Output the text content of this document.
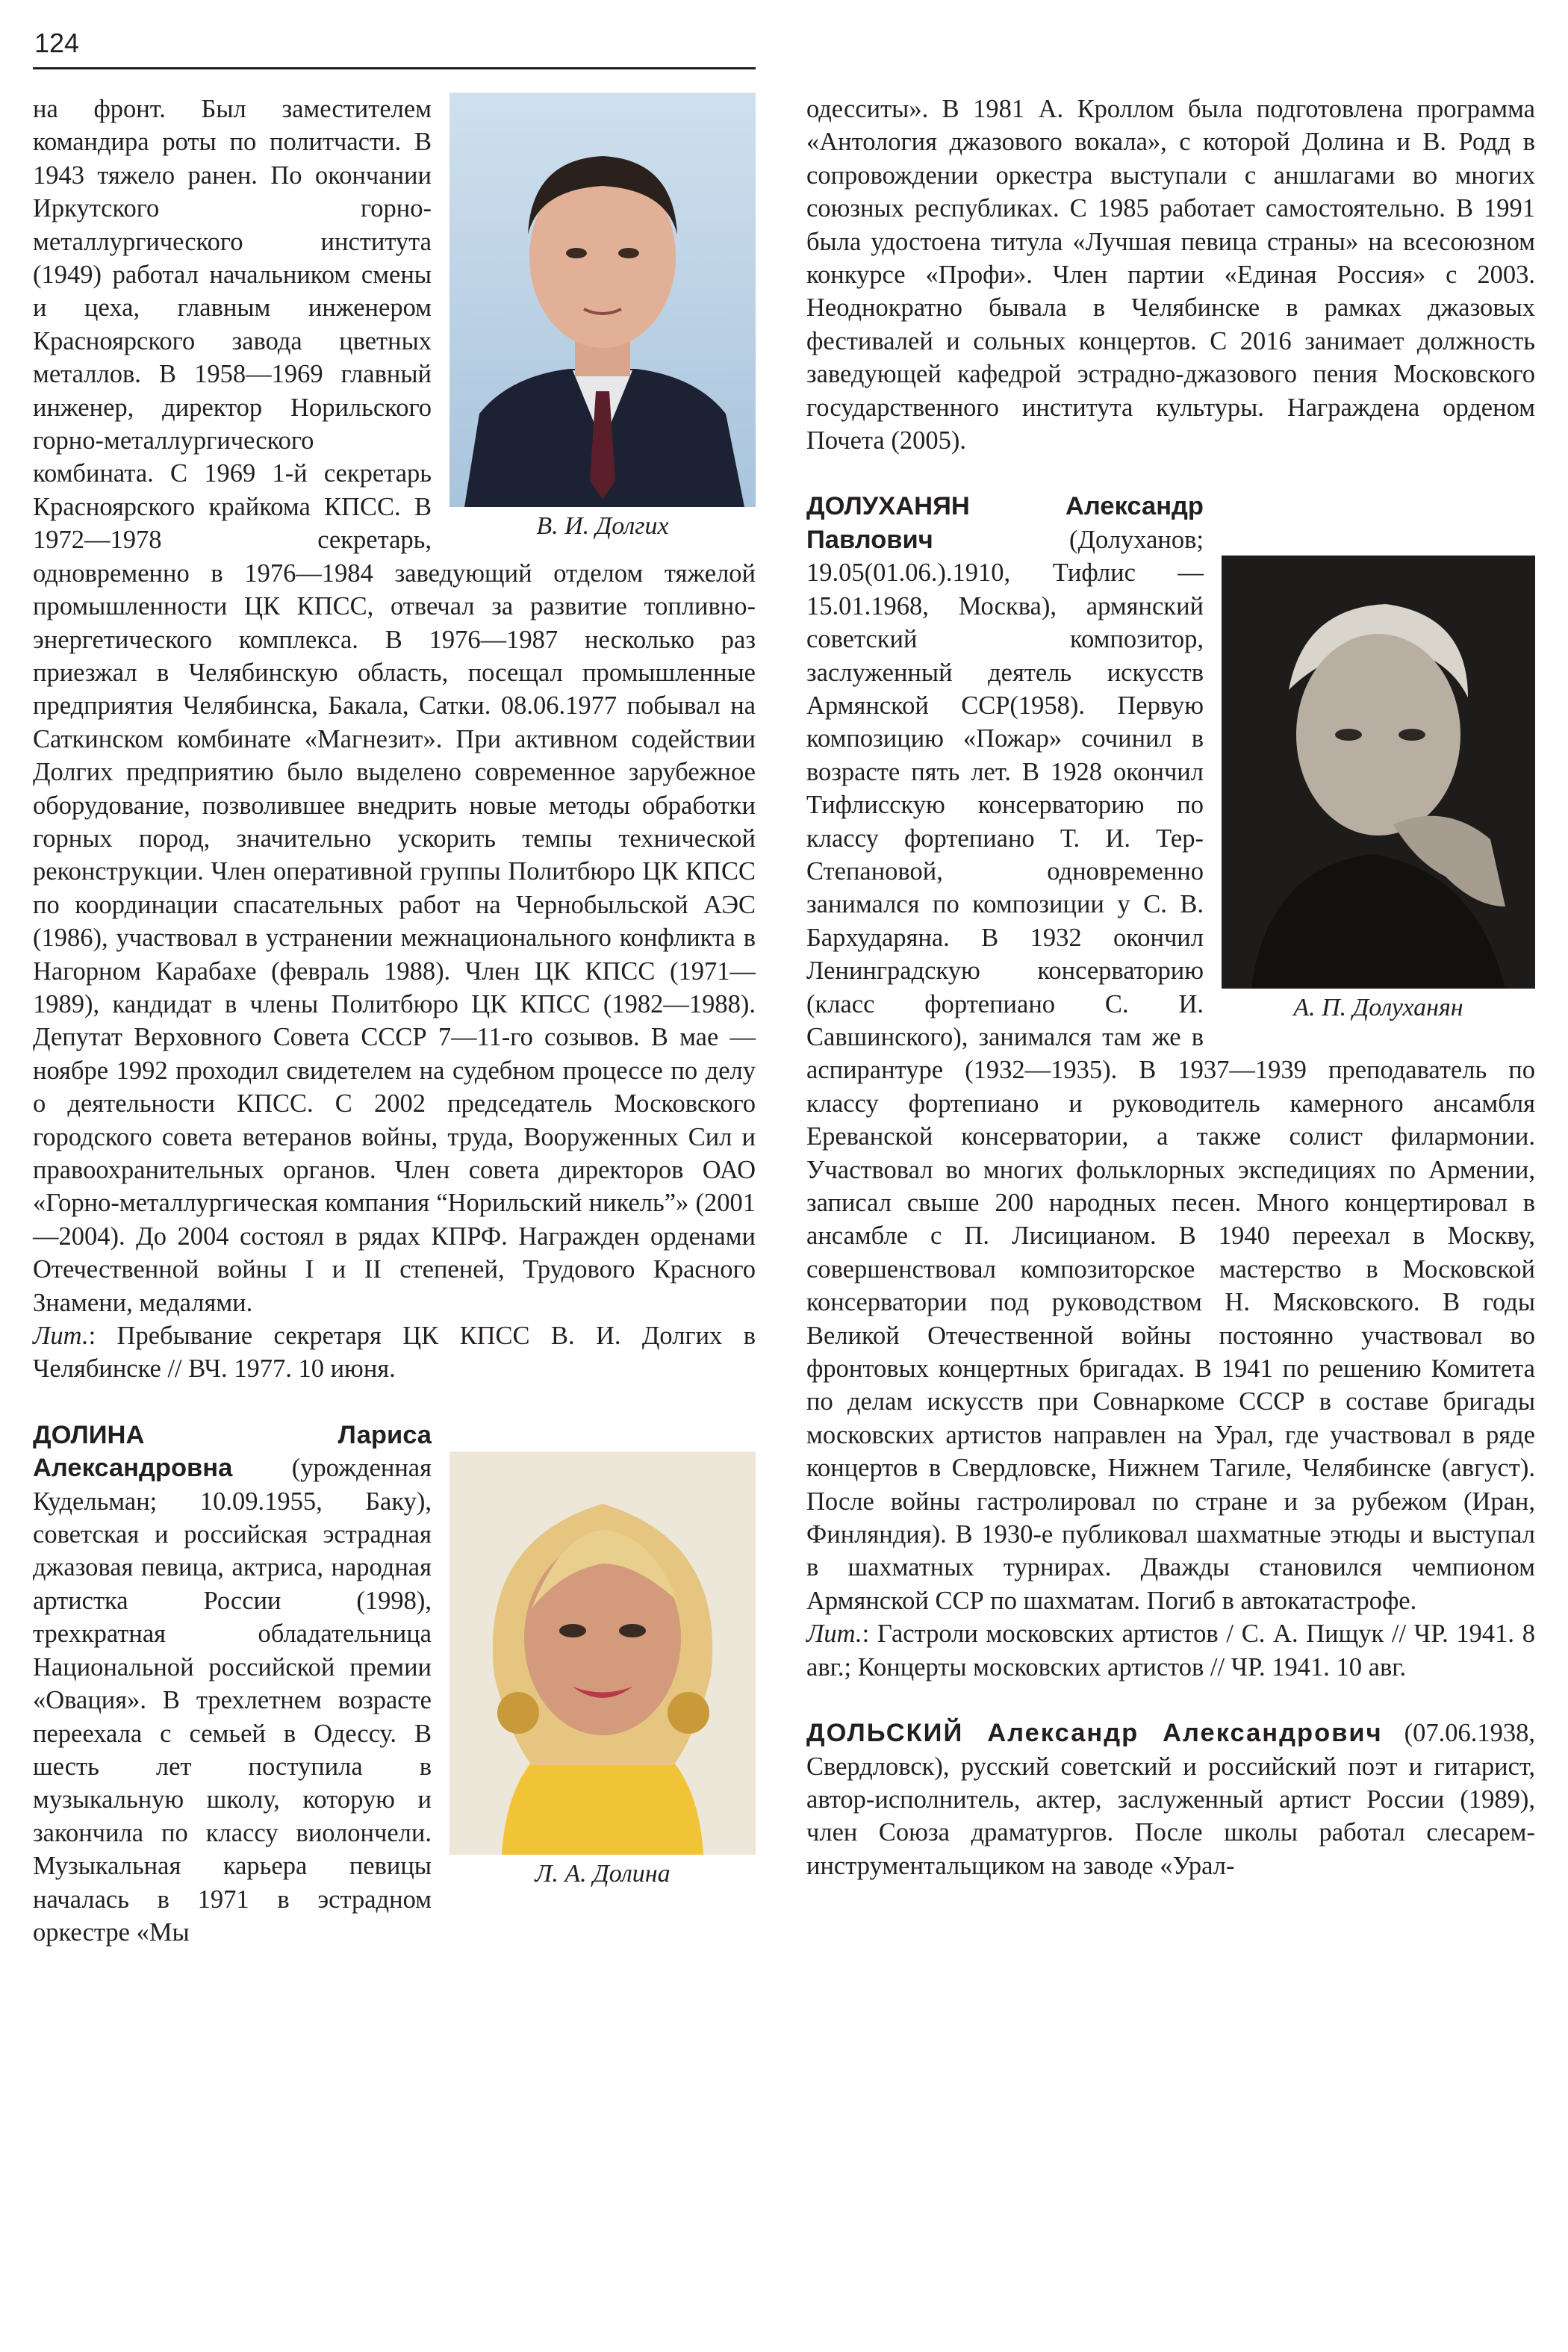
124
В. И. Долгих

на фронт. Был заместителем командира роты по политчасти. В 1943 тяжело ранен. По окончании Иркутского горно-металлургического института (1949) работал начальником смены и цеха, главным инженером Красноярского завода цветных металлов. В 1958—1969 главный инженер, директор Норильского горно-металлургического комбината. С 1969 1-й секретарь Красноярского крайкома КПСС. В 1972—1978 секретарь, одновременно в 1976—1984 заведующий отделом тяжелой промышленности ЦК КПСС, отвечал за развитие топливно-энергетического комплекса. В 1976—1987 несколько раз приезжал в Челябинскую область, посещал промышленные предприятия Челябинска, Бакала, Сатки. 08.06.1977 побывал на Саткинском комбинате «Магнезит». При активном содействии Долгих предприятию было выделено современное зарубежное оборудование, позволившее внедрить новые методы обработки горных пород, значительно ускорить темпы технической реконструкции. Член оперативной группы Политбюро ЦК КПСС по координации спасательных работ на Чернобыльской АЭС (1986), участвовал в устранении межнационального конфликта в Нагорном Карабахе (февраль 1988). Член ЦК КПСС (1971—1989), кандидат в члены Политбюро ЦК КПСС (1982—1988). Депутат Верховного Совета СССР 7—11-го созывов. В мае — ноябре 1992 проходил свидетелем на судебном процессе по делу о деятельности КПСС. С 2002 председатель Московского городского совета ветеранов войны, труда, Вооруженных Сил и правоохранительных органов. Член совета директоров ОАО «Горно-металлургическая компания “Норильский никель”» (2001—2004). До 2004 состоял в рядах КПРФ. Награжден орденами Отечественной войны I и II степеней, Трудового Красного Знамени, медалями.

Лит.: Пребывание секретаря ЦК КПСС В. И. Долгих в Челябинске // ВЧ. 1977. 10 июня.

Л. А. Долина

ДОЛИНА Лариса Александровна (урожденная Кудельман; 10.09.1955, Баку), советская и российская эстрадная джазовая певица, актриса, народная артистка России (1998), трехкратная обладательница Национальной российской премии «Овация». В трехлетнем возрасте переехала с семьей в Одессу. В шесть лет поступила в музыкальную школу, которую и закончила по классу виолончели. Музыкальная карьера певицы началась в 1971 в эстрадном оркестре «Мы

одесситы». В 1981 А. Кроллом была подготовлена программа «Антология джазового вокала», с которой Долина и В. Родд в сопровождении оркестра выступали с аншлагами во многих союзных республиках. С 1985 работает самостоятельно. В 1991 была удостоена титула «Лучшая певица страны» на всесоюзном конкурсе «Профи». Член партии «Единая Россия» с 2003. Неоднократно бывала в Челябинске в рамках джазовых фестивалей и сольных концертов. С 2016 занимает должность заведующей кафедрой эстрадно-джазового пения Московского государственного института культуры. Награждена орденом Почета (2005).

А. П. Долуханян

ДОЛУХАНЯН Александр Павлович (Долуханов; 19.05(01.06.).1910, Тифлис — 15.01.1968, Москва), армянский советский композитор, заслуженный деятель искусств Армянской ССР(1958). Первую композицию «Пожар» сочинил в возрасте пять лет. В 1928 окончил Тифлисскую консерваторию по классу фортепиано Т. И. Тер-Степановой, одновременно занимался по композиции у С. В. Бархударяна. В 1932 окончил Ленинградскую консерваторию (класс фортепиано С. И. Савшинского), занимался там же в аспирантуре (1932—1935). В 1937—1939 преподаватель по классу фортепиано и руководитель камерного ансамбля Ереванской консерватории, а также солист филармонии. Участвовал во многих фольклорных экспедициях по Армении, записал свыше 200 народных песен. Много концертировал в ансамбле с П. Лисицианом. В 1940 переехал в Москву, совершенствовал композиторское мастерство в Московской консерватории под руководством Н. Мясковского. В годы Великой Отечественной войны постоянно участвовал во фронтовых концертных бригадах. В 1941 по решению Комитета по делам искусств при Совнаркоме СССР в составе бригады московских артистов направлен на Урал, где участвовал в ряде концертов в Свердловске, Нижнем Тагиле, Челябинске (август). После войны гастролировал по стране и за рубежом (Иран, Финляндия). В 1930-е публиковал шахматные этюды и выступал в шахматных турнирах. Дважды становился чемпионом Армянской ССР по шахматам. Погиб в автокатастрофе.

Лит.: Гастроли московских артистов / С. А. Пищук // ЧР. 1941. 8 авг.; Концерты московских артистов // ЧР. 1941. 10 авг.

ДОЛЬСКИЙ Александр Александрович (07.06.1938, Свердловск), русский советский и российский поэт и гитарист, автор-исполнитель, актер, заслуженный артист России (1989), член Союза драматургов. После школы работал слесарем-инструментальщиком на заводе «Урал-
